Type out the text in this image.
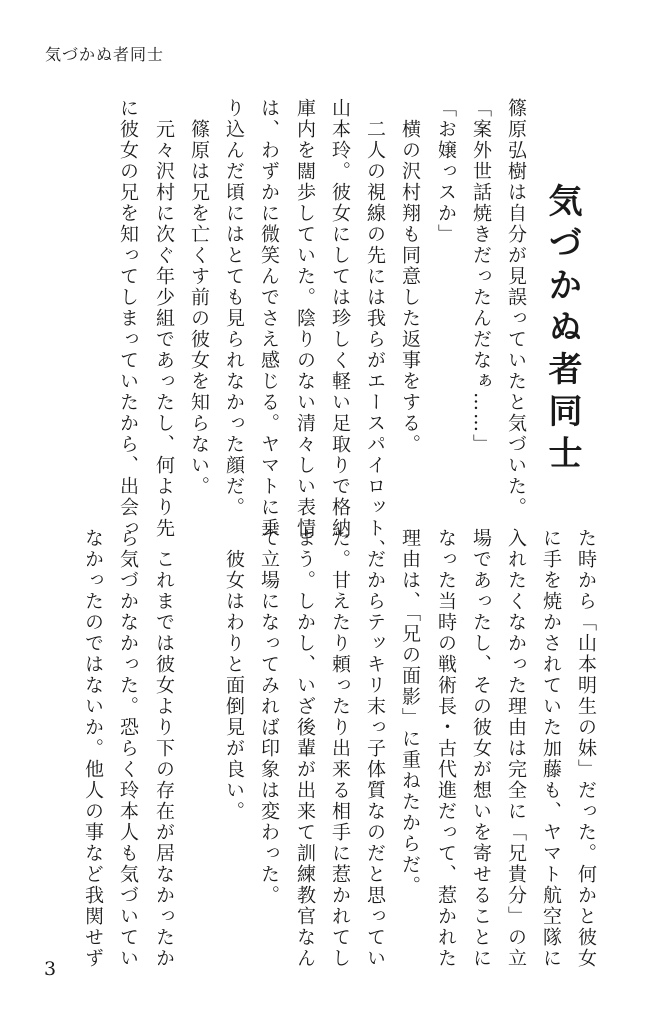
気づかぬ者同士
気づかぬ者同士
篠原弘樹は自分が見誤っていたと気づいた。
「案外世話焼きだったんだなぁ……」
「お嬢っスか」
　横の沢村翔も同意した返事をする。
　二人の視線の先には我らがエースパイロット、
山本玲。彼女にしては珍しく軽い足取りで格納
庫内を闊歩していた。陰りのない清々しい表情
は、わずかに微笑んでさえ感じる。ヤマトに乗
り込んだ頃にはとても見られなかった顔だ。
　篠原は兄を亡くす前の彼女を知らない。
　元々沢村に次ぐ年少組であったし、何より先
に彼女の兄を知ってしまっていたから、出会っ
た時から「山本明生の妹」だった。何かと彼女
に手を焼かされていた加藤も、ヤマト航空隊に
入れたくなかった理由は完全に「兄貴分」の立
場であったし、その彼女が想いを寄せることに
なった当時の戦術長・古代進だって、惹かれた
理由は、「兄の面影」に重ねたからだ。
　だからテッキリ末っ子体質なのだと思ってい
た。甘えたり頼ったり出来る相手に惹かれてし
まう。しかし、いざ後輩が出来て訓練教官なん
て立場になってみれば印象は変わった。
　彼女はわりと面倒見が良い。
　これまでは彼女より下の存在が居なかったか
ら気づかなかった。恐らく玲本人も気づいてい
なかったのではないか。他人の事など我関せず
3
